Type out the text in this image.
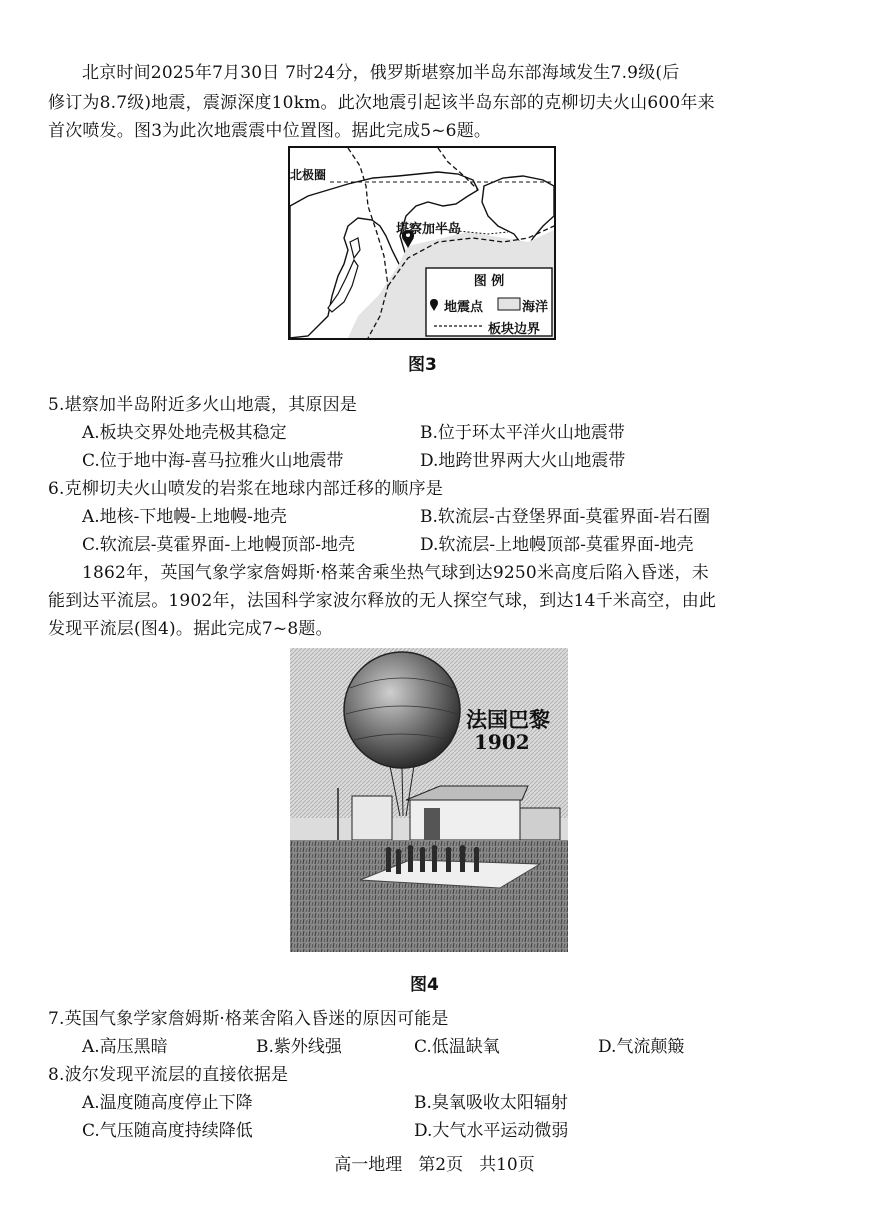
北京时间2025年7月30日 7时24分，俄罗斯堪察加半岛东部海域发生7.9级(后
修订为8.7级)地震，震源深度10km。此次地震引起该半岛东部的克柳切夫火山600年来
首次喷发。图3为此次地震震中位置图。据此完成5~6题。
北极圈
堪察加半岛
图 例
地震点	海洋
板块边界
图3
5.堪察加半岛附近多火山地震，其原因是
A.板块交界处地壳极其稳定	B.位于环太平洋火山地震带
C.位于地中海-喜马拉雅火山地震带	D.地跨世界两大火山地震带
6.克柳切夫火山喷发的岩浆在地球内部迁移的顺序是
A.地核-下地幔-上地幔-地壳	B.软流层-古登堡界面-莫霍界面-岩石圈
C.软流层-莫霍界面-上地幔顶部-地壳	D.软流层-上地幔顶部-莫霍界面-地壳
1862年，英国气象学家詹姆斯·格莱舍乘坐热气球到达9250米高度后陷入昏迷，未
能到达平流层。1902年，法国科学家波尔释放的无人探空气球，到达14千米高空，由此
发现平流层(图4)。据此完成7~8题。
法国巴黎
1902
图4
7.英国气象学家詹姆斯·格莱舍陷入昏迷的原因可能是
A.高压黑暗	B.紫外线强	C.低温缺氧	D.气流颠簸
8.波尔发现平流层的直接依据是
A.温度随高度停止下降	B.臭氧吸收太阳辐射
C.气压随高度持续降低	D.大气水平运动微弱
高一地理 第2页 共10页
